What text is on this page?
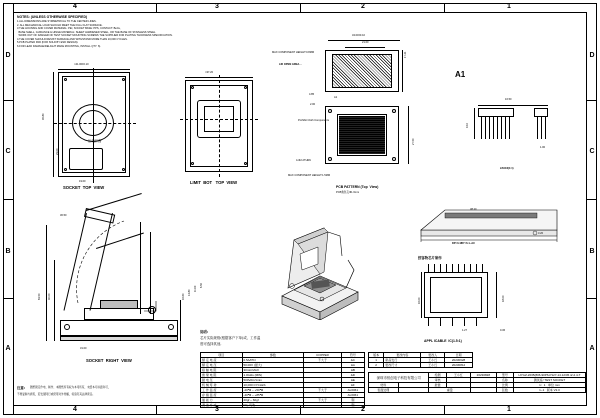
4	3	2	1
4	3	2	1
D
C
B
A
D
C
B
A
NOTES: (UNLESS OTHERWISE SPECIFIED)
1.ALL DIMENSIONS ARE SYMMETRICAL TO THE CENTER LINES.
2. ALL MECHANICAL LOAD SHOULD MEET THE FULL FLAT SURFACE.
3.THE HOUSING AND COVER MATERIAL: PEI, SOCKET BASE: PPS, CONTACT: BeCu,
BASE SHELL, GUIDANCE & HINGE MATERIAL: SHEET HARDENED STEEL, OR THE BASE OF STAINLESS STEEL
WORK OUT OF DANGER OF TEST SOCKET MOUNTING SCREWS THE SUPPLIER FOR PLATING THICKNESS SPECIFICATION.
4.THE COVER SHOULD RESIST SURFACE AND WITHSTAND MORE THAN 10,000 CYCLES.
5.PCB PLATED PAD (FOR SOLD BY ESD DESIGN).
6.FOR LEAD DAMAGE/DELIGHT MAKE MOUNTING, INSTALL QTY: 6).
□41.00±0.10
45.80
19.00
23.00
压块开窗
SOCKET  TOP  VIEW
□37.20
LIMIT  BOT   TOP  VIEW
LID OPEN AREA…
MAX COMPONENT HEIGHT:0.8MM
34.00±0.10
21.00
A1
Prohibit Cloth Components
4-Φ2.2THRU
MAX COMPONENT HEIGHT:1.5MM
PCB PATTERN (Top  View)
PCB焦色孔Φ1.6mm
4.85
2.00
17.21
27.50
A1
16.50
9.10
1.00
#A0C3(1:1)
63.50	40.00
31.00
16.60
14.80
11.60
6.50
30.50
SOCKET  RIGHT  VIEW
38.20
3.20
DP=0.488°=6.1~AC
按客物芯片制作
16.00	18.00
1.27	0.36
APPL ICABLE  IC(1.5:1)
说明:
芯片实际规格(根据客户下单)或、工作温
度可选择其他.
项目	参数	COPPER	符号
额 定 电 流	0.5A/PIN	不大于	ΔC
额 定 电 压	50.00V (最大)		ΔA
接 触 电 阻	30mΩ MAX		ΔB
绝 缘 电 阻	1.0GΩs (MIN)		ΔD
耐 电 压	500VAC/1min		ΔE
机 械 寿 命	10,000 CYCLES		ΔF
工 作 温 度	-20℃ ~ +50℃	不大于	AL6061
存 储 温 度	-40℃ ~ +85℃		AL6061
插 拔 力	20gf ~ 60gf	不大于	铜
清 洁 方 式	Dry-气吹		铜
注意: 图纸锁定作电、制作、本图纸所有权为本司所有，未经本司书面许可，
不得复制与拷贝，若发现同行或使用对外传播，将追究其法律责任。
版本	更改内容	更改人	日期
1	新品发行	王小红	20230628
2	更改尺寸	王小红	20230812
深圳市恒创电子科技有限公司		绘图	王小红	20230828	型号	HYGZ-2035(806-90P6-P127-14.12/45.4/-2.4-T
		审核			名称	测试座/ TEST SOCKET
材料		批准			比例	1：1 单位 mm
表面处理		重量			张数	1−1 版本 V2.0
